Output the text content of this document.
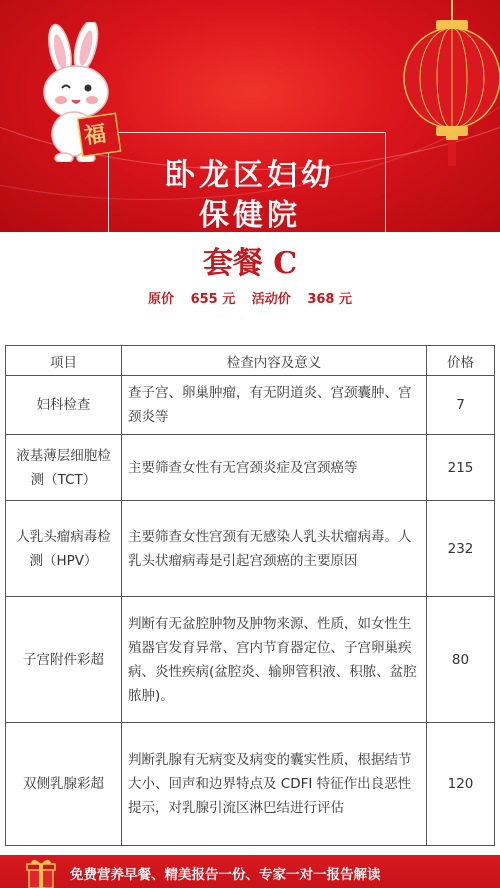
卧龙区妇幼
保健院
福
套餐 C
原价 655 元 活动价 368 元
项目	检查内容及意义	价格
妇科检查	查子宫、卵巢肿瘤，有无阴道炎、宫颈囊肿、宫颈炎等	7
液基薄层细胞检测（TCT）	主要筛查女性有无宫颈炎症及宫颈癌等	215
人乳头瘤病毒检测（HPV）	主要筛查女性宫颈有无感染人乳头状瘤病毒。人乳头状瘤病毒是引起宫颈癌的主要原因	232
子宫附件彩超	判断有无盆腔肿物及肿物来源、性质，如女性生殖器官发育异常、宫内节育器定位、子宫卵巢疾病、炎性疾病(盆腔炎、输卵管积液、积脓、盆腔脓肿)。	80
双侧乳腺彩超	判断乳腺有无病变及病变的囊实性质，根据结节大小、回声和边界特点及 CDFI 特征作出良恶性提示，对乳腺引流区淋巴结进行评估	120
免费营养早餐、精美报告一份、专家一对一报告解读
